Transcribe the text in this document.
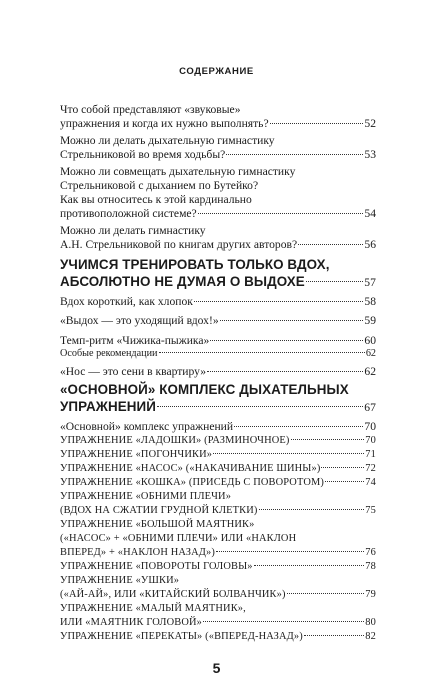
СОДЕРЖАНИЕ
Что собой представляют «звуковые»
упражнения и когда их нужно выполнять?	52
Можно ли делать дыхательную гимнастику
Стрельниковой во время ходьбы?	53
Можно ли совмещать дыхательную гимнастику
Стрельниковой с дыханием по Бутейко?
Как вы относитесь к этой кардинально
противоположной системе?	54
Можно ли делать гимнастику
А.Н. Стрельниковой по книгам других авторов?	56
УЧИМСЯ ТРЕНИРОВАТЬ ТОЛЬКО ВДОХ,
АБСОЛЮТНО НЕ ДУМАЯ О ВЫДОХЕ	57
Вдох короткий, как хлопок	58
«Выдох — это уходящий вдох!»	59
Темп-ритм «Чижика-пыжика»	60
Особые рекомендации	62
«Нос — это сени в квартиру»	62
«ОСНОВНОЙ» КОМПЛЕКС ДЫХАТЕЛЬНЫХ
УПРАЖНЕНИЙ	67
«Основной» комплекс упражнений	70
УПРАЖНЕНИЕ «ЛАДОШКИ» (РАЗМИНОЧНОЕ)	70
УПРАЖНЕНИЕ «ПОГОНЧИКИ»	71
УПРАЖНЕНИЕ «НАСОС» («НАКАЧИВАНИЕ ШИНЫ»)	72
УПРАЖНЕНИЕ «КОШКА» (ПРИСЕДЬ С ПОВОРОТОМ)	74
УПРАЖНЕНИЕ «ОБНИМИ ПЛЕЧИ»
(ВДОХ НА СЖАТИИ ГРУДНОЙ КЛЕТКИ)	75
УПРАЖНЕНИЕ «БОЛЬШОЙ МАЯТНИК»
(«НАСОС» + «ОБНИМИ ПЛЕЧИ» ИЛИ «НАКЛОН
ВПЕРЕД» + «НАКЛОН НАЗАД»)	76
УПРАЖНЕНИЕ «ПОВОРОТЫ ГОЛОВЫ»	78
УПРАЖНЕНИЕ «УШКИ»
(«АЙ-АЙ», ИЛИ «КИТАЙСКИЙ БОЛВАНЧИК»)	79
УПРАЖНЕНИЕ «МАЛЫЙ МАЯТНИК»,
ИЛИ «МАЯТНИК ГОЛОВОЙ»	80
УПРАЖНЕНИЕ «ПЕРЕКАТЫ» («ВПЕРЕД-НАЗАД»)	82
5
